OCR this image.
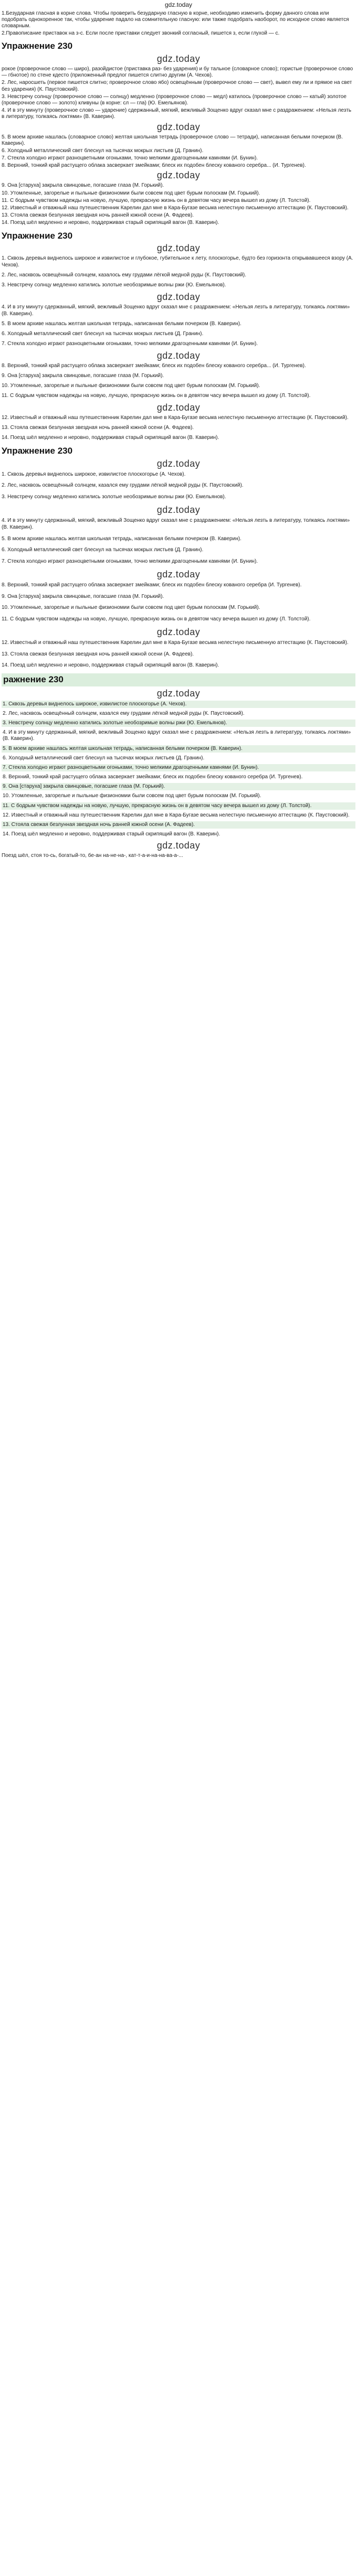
gdz.today

1.Безударная гласная в корне слова. Чтобы проверить безударную гласную в корне, необходимо изменить форму данного слова или подобрать однокоренное так, чтобы ударение падало на сомнительную гласную: или также подобрать наоборот, по исходное слово является словарным.

2.Правописание приставок на з-с. Если после приставки следует звонкий согласный, пишется з, если глухой — с.

Упражнение 230
gdz.today
рокое (проверочное слово — широ), разойдистое (приставка раз- без ударения) и бу тальное (словарное слово); гористые (проверочное слово — гбнотое) по стене кдесто (приложенный предлог пишется слитно другим (А. Чехов).
2. Лес, наросшеть (первое пишется слитно; проверочное слово ябо) освещённым (проверочное слово — свет), вывел ему ли и прямое на свет без ударения) (К. Паустовский).
3. Невстречу солнцу (проверочное слово — солнцу) медленно (проверочное слово — медл) катилось (проверочное слово — катый) золотое (проверочное слово — золото) кливуны (в корне: сл — гла) (Ю. Емельянов).
4. И в эту минуту (проверочное слово — ударение) сдержанный, мягкий, вежливый Зощенко вдруг сказал мне с раздражением: «Нельзя лезть в литературу, толкаясь локтями» (В. Каверин).
gdz.today
5. В моем архиве нашлась (словарное слово) желтая школьная тетрадь (проверочное слово — тетради), написанная белыми почерком (В. Каверин).
6. Холодный металлический свет блеснул на тысячах мокрых листьев (Д. Гранин).
7. Стекла холодно играют разноцветными огоньками, точно мелкими драгоценными камнями (И. Бунин).
8. Верхний, тонкий край растущего облака засверкает змейками; блеск их подобен блеску кованого серебра... (И. Тургенев).
gdz.today
9. Она [старуха] закрыла свинцовые, погасшие глаза (М. Горький).
10. Утомленные, загорелые и пыльные физиономии были совсем под цвет бурым полоскам (М. Горький).
11. С бодрым чувством надежды на новую, лучшую, прекрасную жизнь он в девятом часу вечера вышел из дому (Л. Толстой).
12. Известный и отважный наш путешественник Карелин дал мне в Кара-Бугазе весьма нелестную письменную аттестацию (К. Паустовский).
13. Стояла свежая безлунная звездная ночь ранней южной осени (А. Фадеев).
14. Поезд шёл медленно и неровно, поддерживая старый скрипящий вагон (В. Каверин).
Упражнение 230
gdz.today
1. Сквозь деревья виднелось широкое и извилистое и глубокое, губительное к лету, плоскогорье, будто без горизонта открывавшееся взору (А. Чехов).
2. Лес, насквозь освещённый солнцем, казалось ему грудами лёгкой медной руды (К. Паустовский).
3. Невстречу солнцу медленно катились золотые необозримые волны ржи (Ю. Емельянов).
gdz.today
4. И в эту минуту сдержанный, мягкий, вежливый Зощенко вдруг сказал мне с раздражением: «Нельзя лезть в литературу, толкаясь локтями» (В. Каверин).
5. В моем архиве нашлась желтая школьная тетрадь, написанная белыми почерком (В. Каверин).
6. Холодный металлический свет блеснул на тысячах мокрых листьев (Д. Гранин).
7. Стекла холодно играют разноцветными огоньками, точно мелкими драгоценными камнями (И. Бунин).
gdz.today
8. Верхний, тонкий край растущего облака засверкает змейками; блеск их подобен блеску кованого серебра... (И. Тургенев).
9. Она [старуха] закрыла свинцовые, погасшие глаза (М. Горький).
10. Утомленные, загорелые и пыльные физиономии были совсем под цвет бурым полоскам (М. Горький).
11. С бодрым чувством надежды на новую, лучшую, прекрасную жизнь он в девятом часу вечера вышел из дому (Л. Толстой).
gdz.today
12. Известный и отважный наш путешественник Карелин дал мне в Кара-Бугазе весьма нелестную письменную аттестацию (К. Паустовский).
13. Стояла свежая безлунная звездная ночь ранней южной осени (А. Фадеев).
14. Поезд шёл медленно и неровно, поддерживая старый скрипящий вагон (В. Каверин).
Упражнение 230
gdz.today
1. Сквозь деревья виднелось широкое, извилистое плоскогорье (А. Чехов).
2. Лес, насквозь освещённый солнцем, казался ему грудами лёгкой медной руды (К. Паустовский).
3. Невстречу солнцу медленно катились золотые необозримые волны ржи (Ю. Емельянов).
gdz.today
4. И в эту минуту сдержанный, мягкий, вежливый Зощенко вдруг сказал мне с раздражением: «Нельзя лезть в литературу, толкаясь локтями» (В. Каверин).
5. В моем архиве нашлась желтая школьная тетрадь, написанная белыми почерком (В. Каверин).
6. Холодный металлический свет блеснул на тысячах мокрых листьев (Д. Гранин).
7. Стекла холодно играют разноцветными огоньками, точно мелкими драгоценными камнями (И. Бунин).
gdz.today
8. Верхний, тонкий край растущего облака засверкает змейками; блеск их подобен блеску кованого серебра (И. Тургенев).
9. Она [старуха] закрыла свинцовые, погасшие глаза (М. Горький).
10. Утомленные, загорелые и пыльные физиономии были совсем под цвет бурым полоскам (М. Горький).
11. С бодрым чувством надежды на новую, лучшую, прекрасную жизнь он в девятом часу вечера вышел из дому (Л. Толстой).
gdz.today
12. Известный и отважный наш путешественник Карелин дал мне в Кара-Бугазе весьма нелестную письменную аттестацию (К. Паустовский).
13. Стояла свежая безлунная звездная ночь ранней южной осени (А. Фадеев).
14. Поезд шёл медленно и неровно, поддерживая старый скрипящий вагон (В. Каверин).
ражнение 230
gdz.today
1. Сквозь деревья виднелось широкое, извилистое плоскогорье (А. Чехов).
2. Лес, насквозь освещённый солнцем, казался ему грудами лёгкой медной руды (К. Паустовский).
3. Невстречу солнцу медленно катились золотые необозримые волны ржи (Ю. Емельянов).
4. И в эту минуту сдержанный, мягкий, вежливый Зощенко вдруг сказал мне с раздражением: «Нельзя лезть в литературу, толкаясь локтями» (В. Каверин).
5. В моем архиве нашлась желтая школьная тетрадь, написанная белыми почерком (В. Каверин).
6. Холодный металлический свет блеснул на тысячах мокрых листьев (Д. Гранин).
7. Стекла холодно играют разноцветными огоньками, точно мелкими драгоценными камнями (И. Бунин).
8. Верхний, тонкий край растущего облака засверкает змейками; блеск их подобен блеску кованого серебра (И. Тургенев).
9. Она [старуха] закрыла свинцовые, погасшие глаза (М. Горький).
10. Утомленные, загорелые и пыльные физиономии были совсем под цвет бурым полоскам (М. Горький).
11. С бодрым чувством надежды на новую, лучшую, прекрасную жизнь он в девятом часу вечера вышел из дому (Л. Толстой).
12. Известный и отважный наш путешественник Карелин дал мне в Кара-Бугазе весьма нелестную письменную аттестацию (К. Паустовский).
13. Стояла свежая безлунная звездная ночь ранней южной осени (А. Фадеев).
14. Поезд шёл медленно и неровно, поддерживая старый скрипящий вагон (В. Каверин).
gdz.today

Поезд шёл, стоя то-сь, богатый-то, бе-ан на-не-на-, кат-т-а-и-на-на-ва-а-...
